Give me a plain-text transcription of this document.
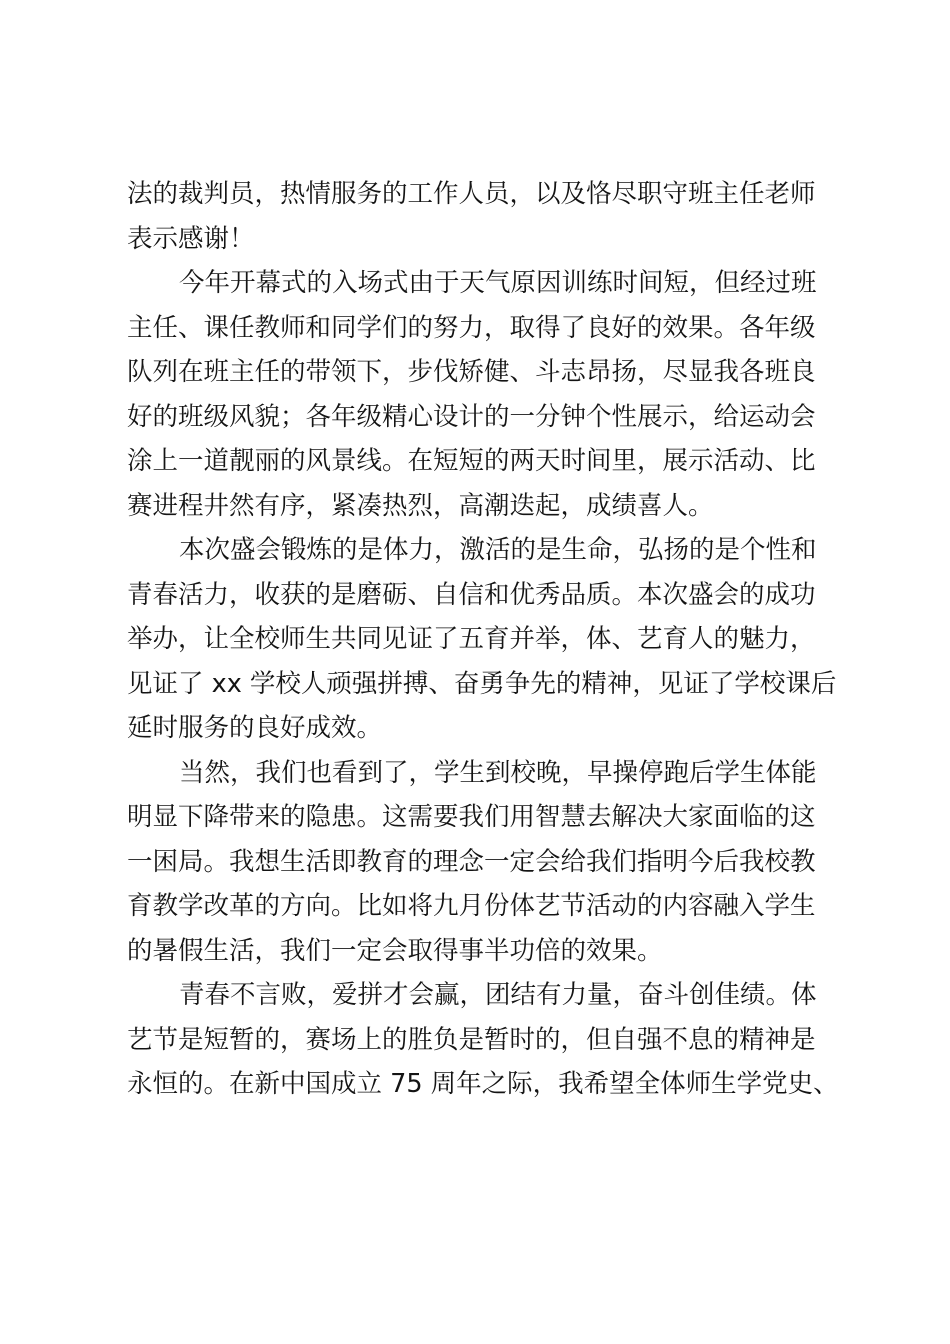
法的裁判员，热情服务的工作人员，以及恪尽职守班主任老师
表示感谢！
今年开幕式的入场式由于天气原因训练时间短，但经过班
主任、课任教师和同学们的努力，取得了良好的效果。各年级
队列在班主任的带领下，步伐矫健、斗志昂扬，尽显我各班良
好的班级风貌；各年级精心设计的一分钟个性展示，给运动会
涂上一道靓丽的风景线。在短短的两天时间里，展示活动、比
赛进程井然有序，紧凑热烈，高潮迭起，成绩喜人。
本次盛会锻炼的是体力，激活的是生命，弘扬的是个性和
青春活力，收获的是磨砺、自信和优秀品质。本次盛会的成功
举办，让全校师生共同见证了五育并举，体、艺育人的魅力，
见证了 xx 学校人顽强拼搏、奋勇争先的精神，见证了学校课后
延时服务的良好成效。
当然，我们也看到了，学生到校晚，早操停跑后学生体能
明显下降带来的隐患。这需要我们用智慧去解决大家面临的这
一困局。我想生活即教育的理念一定会给我们指明今后我校教
育教学改革的方向。比如将九月份体艺节活动的内容融入学生
的暑假生活，我们一定会取得事半功倍的效果。
青春不言败，爱拼才会赢，团结有力量，奋斗创佳绩。体
艺节是短暂的，赛场上的胜负是暂时的，但自强不息的精神是
永恒的。在新中国成立 75 周年之际，我希望全体师生学党史、
